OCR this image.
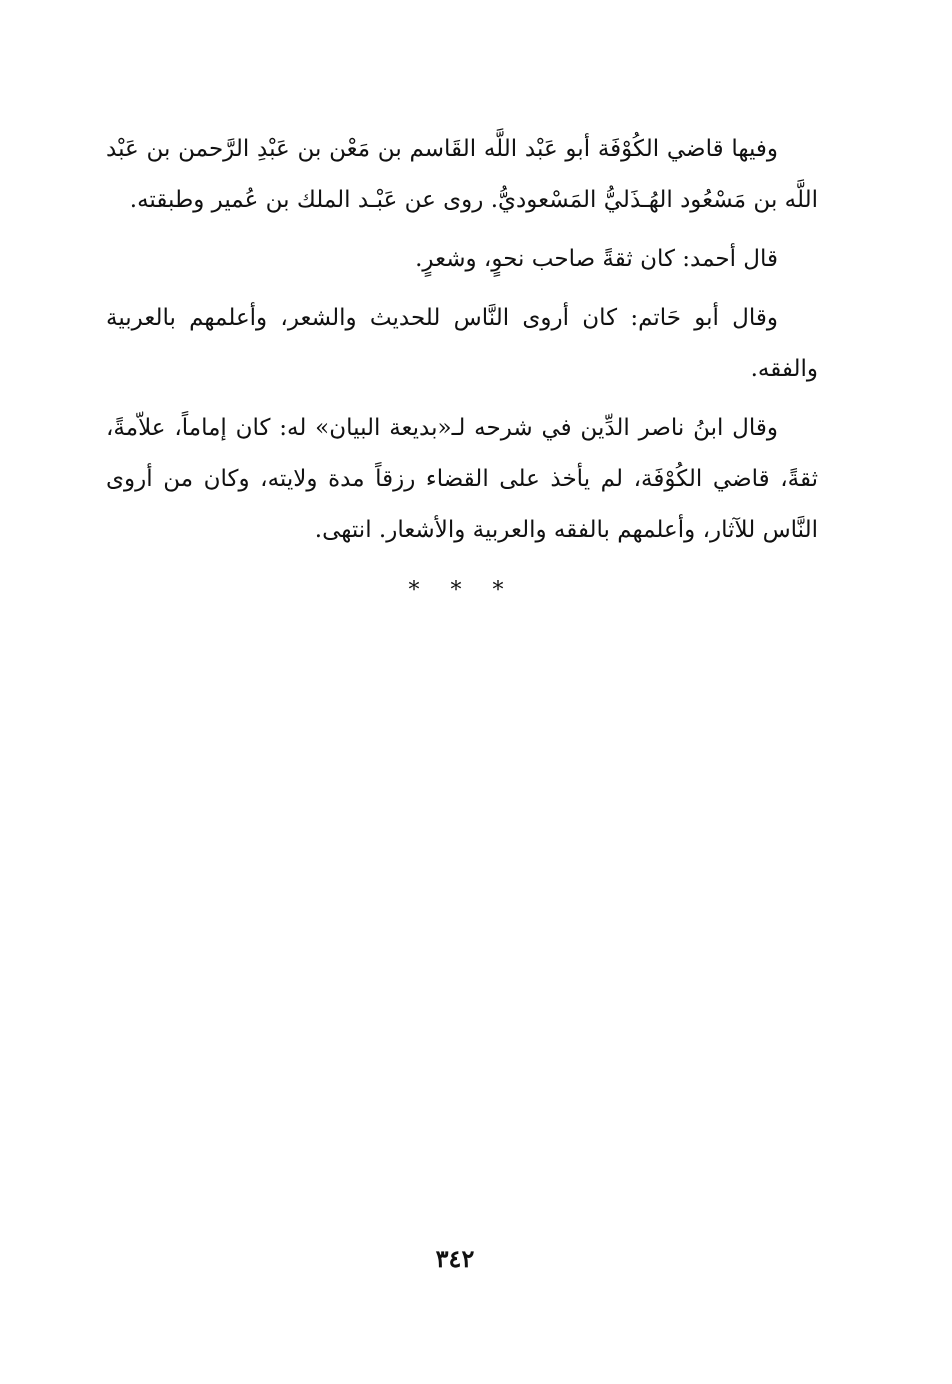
وفيها قاضي الكُوْفَة أبو عَبْد اللَّه القَاسم بن مَعْن بن عَبْدِ الرَّحمن بن عَبْد اللَّه بن مَسْعُود الهُـذَليُّ المَسْعوديُّ. روى عن عَبْـد الملك بن عُمير وطبقته.

قال أحمد: كان ثقةً صاحب نحوٍ، وشعرٍ.

وقال أبو حَاتم: كان أروى النَّاس للحديث والشعر، وأعلمهم بالعربية والفقه.

وقال ابنُ ناصر الدِّين في شرحه لـ«بديعة البيان» له: كان إماماً، علاّمةً، ثقةً، قاضي الكُوْفَة، لم يأخذ على القضاء رزقاً مدة ولايته، وكان من أروى النَّاس للآثار، وأعلمهم بالفقه والعربية والأشعار. انتهى.

* * *
٣٤٢
